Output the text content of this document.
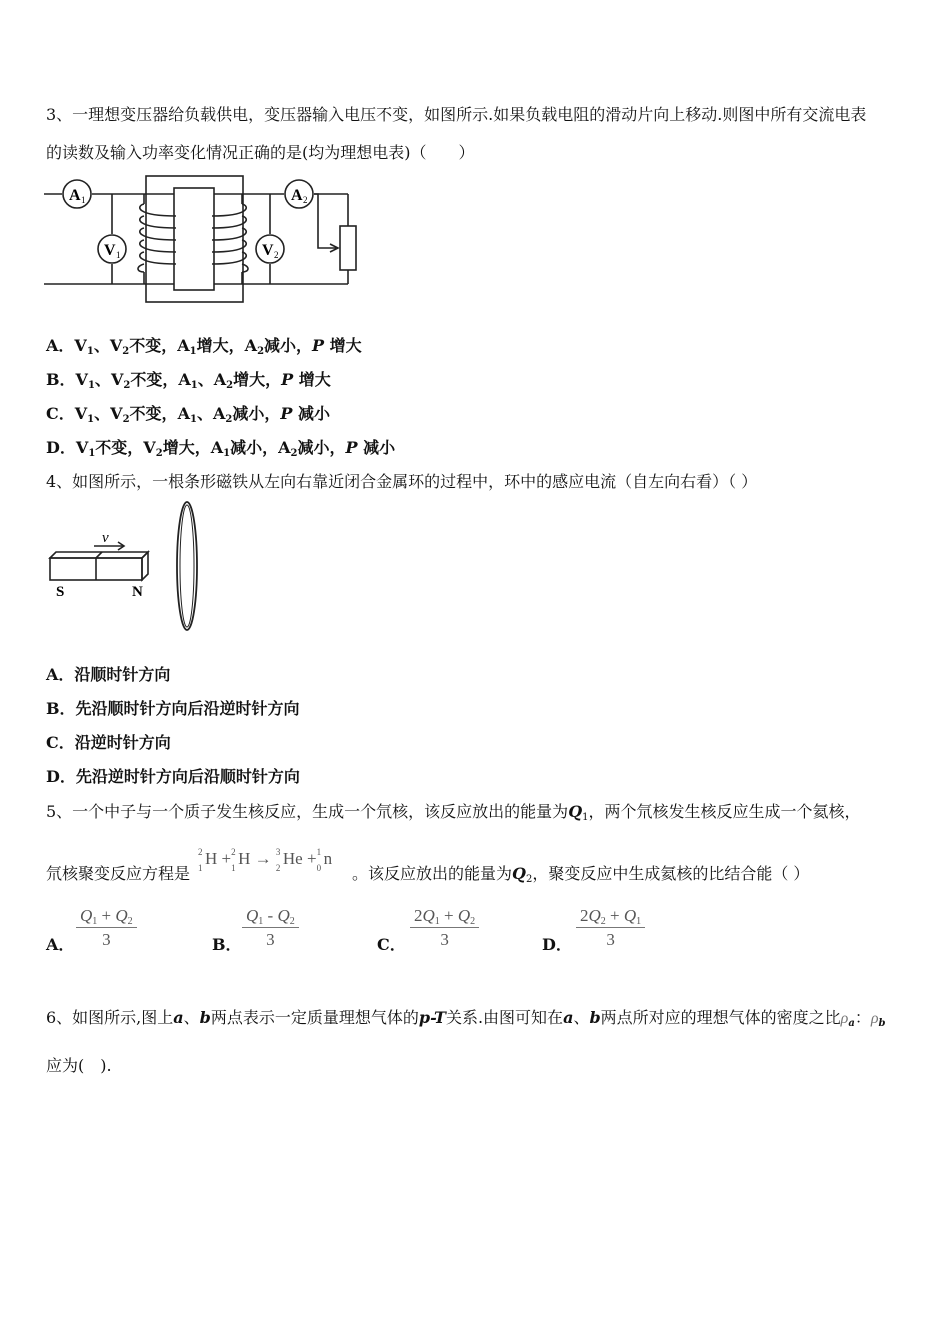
3、一理想变压器给负载供电，变压器输入电压不变，如图所示.如果负载电阻的滑动片向上移动.则图中所有交流电表
的读数及输入功率变化情况正确的是(均为理想电表)（　　）
A 1
V 1
A 2
V 2
A．$V_1$、$V_2$不变，$A_1$增大，$A_2$减小，P 增大
B．$V_1$、$V_2$不变，$A_1$、$A_2$增大，P 增大
C．$V_1$、$V_2$不变，$A_1$、$A_2$减小，P 减小
D．$V_1$不变，$V_2$增大，$A_1$减小，$A_2$减小，P 减小
4、如图所示，一根条形磁铁从左向右靠近闭合金属环的过程中，环中的感应电流（自左向右看）（ ）
v
S	N
A．沿顺时针方向
B．先沿顺时针方向后沿逆时针方向
C．沿逆时针方向
D．先沿逆时针方向后沿顺时针方向
5、一个中子与一个质子发生核反应，生成一个氘核，该反应放出的能量为$Q_1$，两个氘核发生核反应生成一个氦核，
氘核聚变反应方程是	。该反应放出的能量为$Q_2$，聚变反应中生成氦核的比结合能（ ）
2
1
H + 2
1
H → 3
2
He + 1
0
n
A． $\frac{Q_1 + Q_2}{3}$	B． $\frac{Q_1 - Q_2}{3}$	C． $\frac{2Q_1 + Q_2}{3}$	D． $\frac{2Q_2 + Q_1}{3}$
6、如图所示,图上a、b两点表示一定质量理想气体的p-T关系.由图可知在a、b两点所对应的理想气体的密度之比$\rho_a$：$\rho_b$
应为(　).
